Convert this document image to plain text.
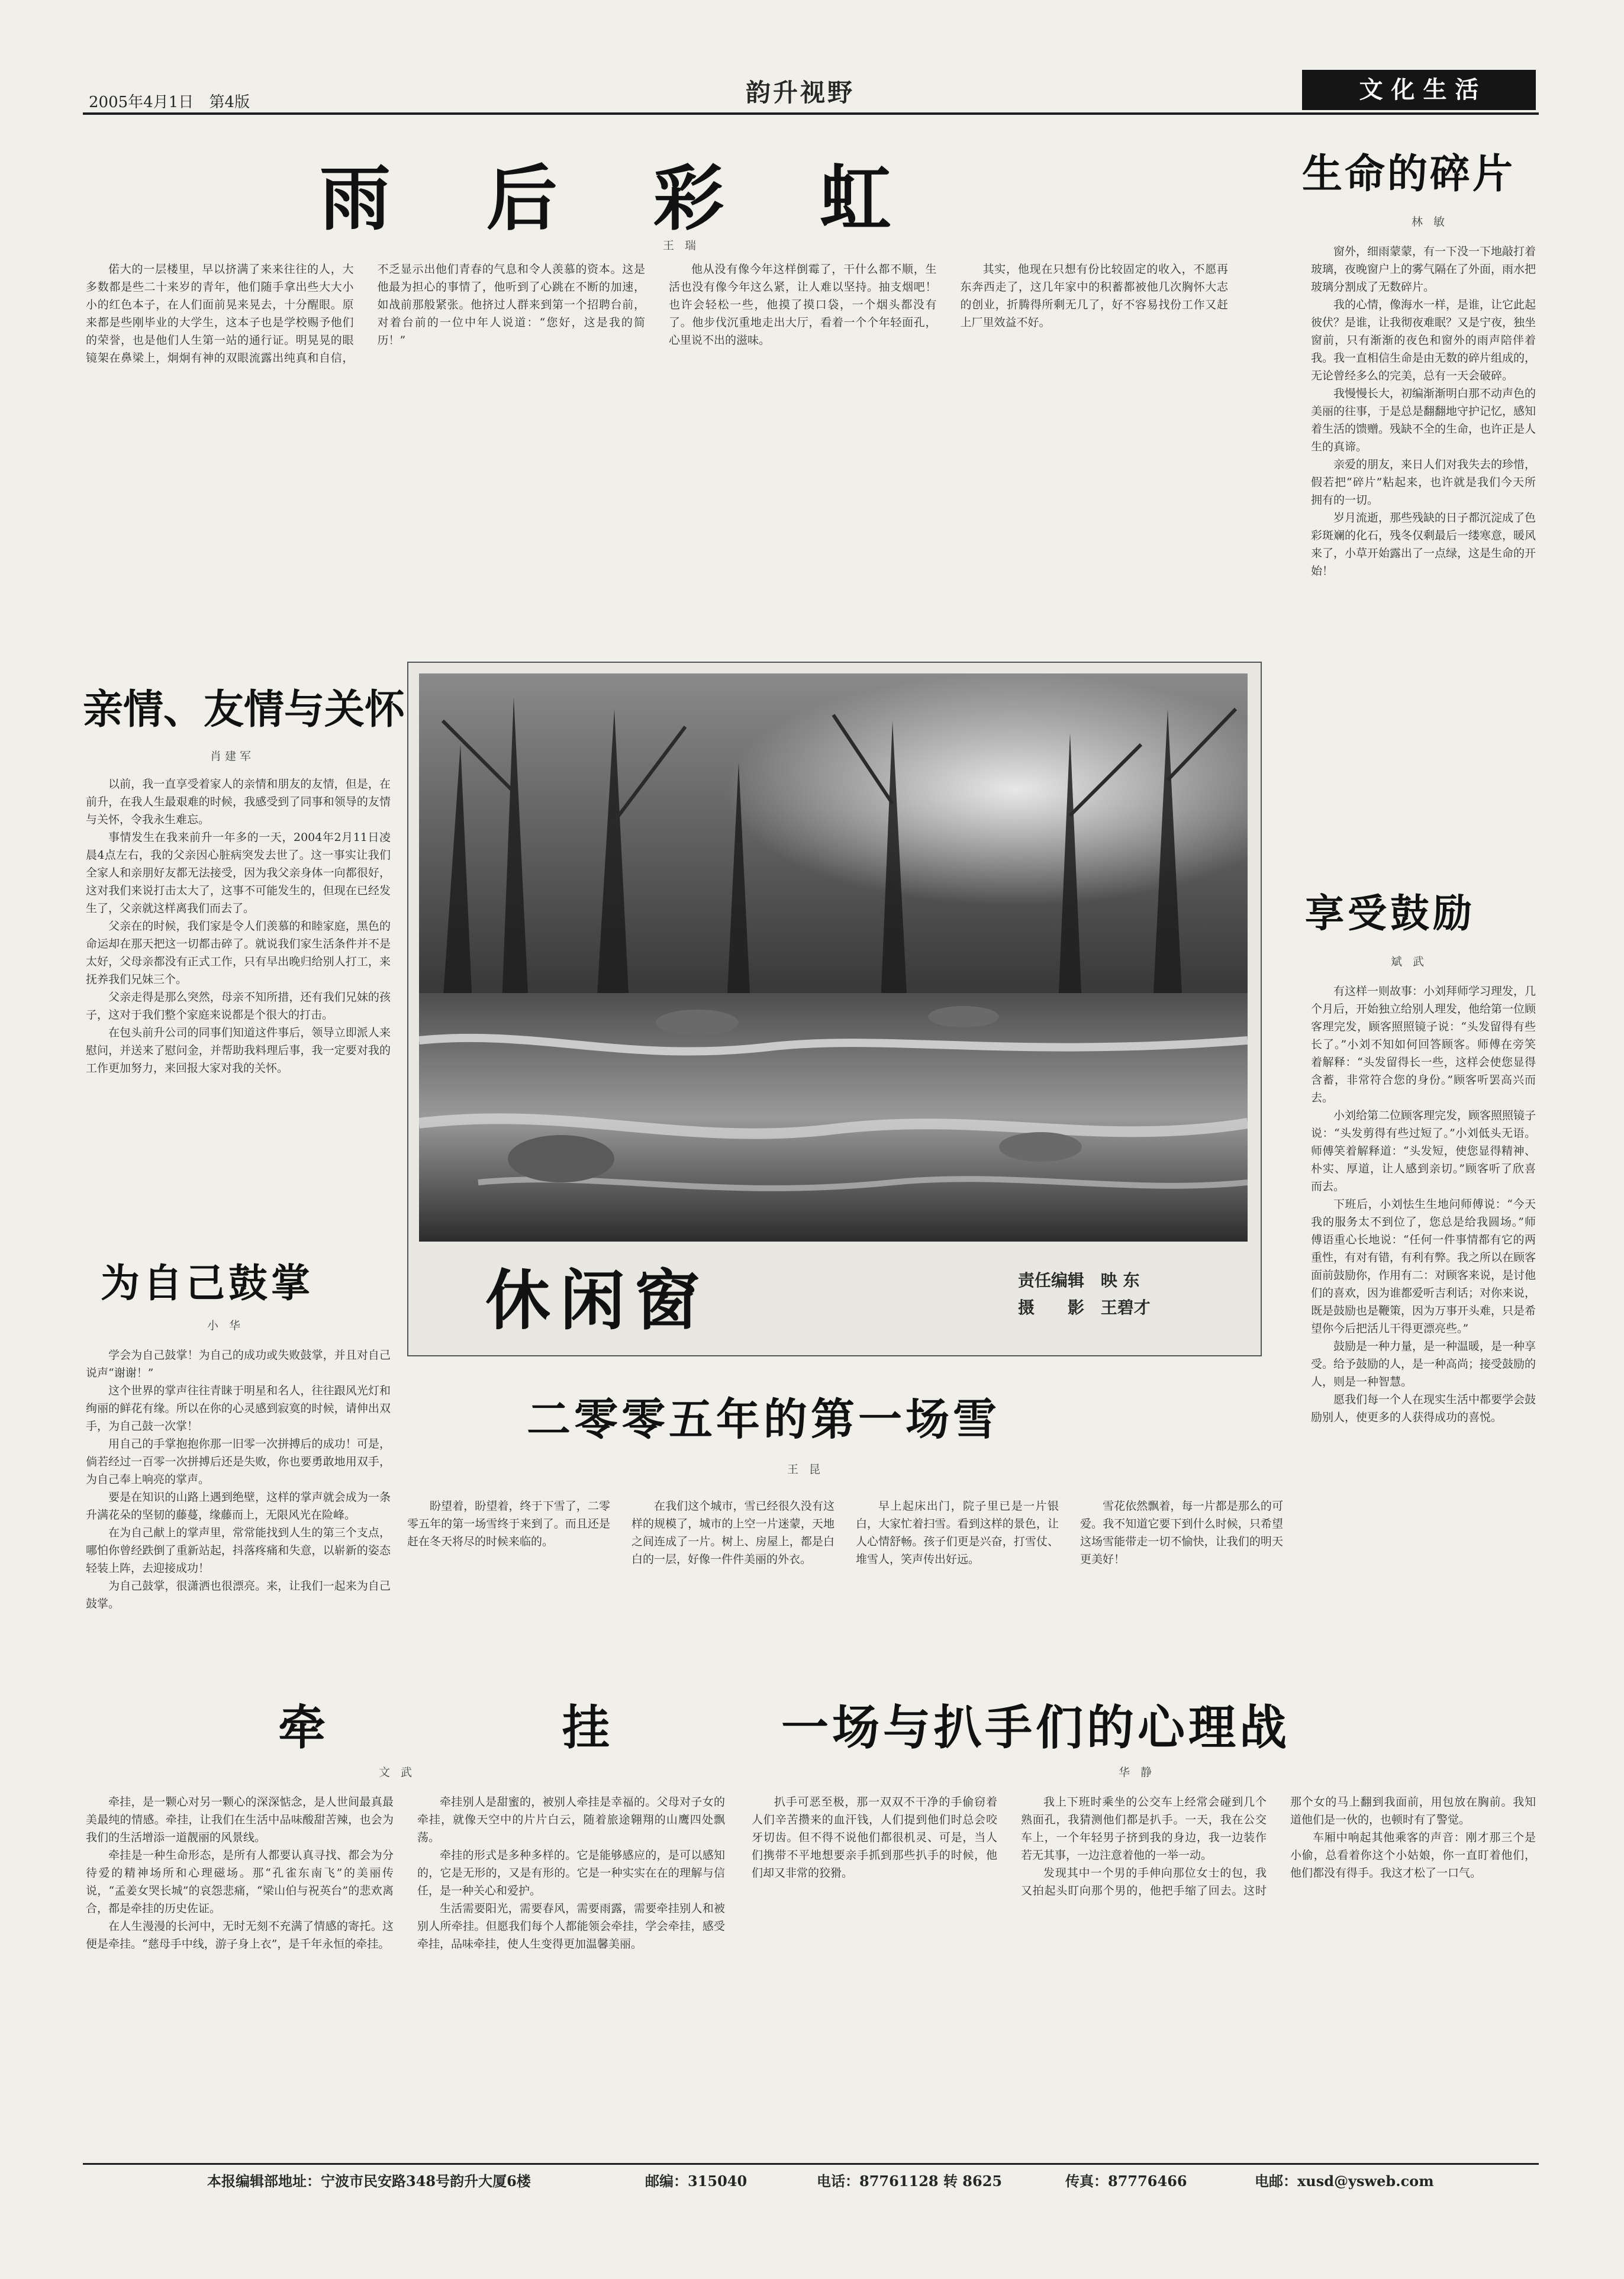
2005年4月1日 第4版	韵升视野	文 化 生 活
雨 后 彩 虹
王 瑞

偌大的一层楼里，早以挤满了来来往往的人，大多数都是些二十来岁的青年，他们随手拿出些大大小小的红色本子，在人们面前晃来晃去，十分醒眼。原来都是些刚毕业的大学生，这本子也是学校赐予他们的荣誉，也是他们人生第一站的通行证。明晃晃的眼镜架在鼻梁上，炯炯有神的双眼流露出纯真和自信，不乏显示出他们青春的气息和令人羡慕的资本。这是他最为担心的事情了，他听到了心跳在不断的加速，如战前那般紧张。他挤过人群来到第一个招聘台前，对着台前的一位中年人说道：“您好，这是我的简历！”

他从没有像今年这样倒霉了，干什么都不顺，生活也没有像今年这么紧，让人难以坚持。抽支烟吧！也许会轻松一些，他摸了摸口袋，一个烟头都没有了。他步伐沉重地走出大厅，看着一个个年轻面孔，心里说不出的滋味。

其实，他现在只想有份比较固定的收入，不愿再东奔西走了，这几年家中的积蓄都被他几次胸怀大志的创业，折腾得所剩无几了，好不容易找份工作又赶上厂里效益不好。

生命的碎片
林 敏

窗外，细雨蒙蒙，有一下没一下地敲打着玻璃，夜晚窗户上的雾气隔在了外面，雨水把玻璃分割成了无数碎片。

我的心情，像海水一样，是谁，让它此起彼伏？是谁，让我彻夜难眠？又是宁夜，独坐窗前，只有渐渐的夜色和窗外的雨声陪伴着我。我一直相信生命是由无数的碎片组成的，无论曾经多么的完美，总有一天会破碎。

我慢慢长大，初编渐渐明白那不动声色的美丽的往事，于是总是翻翻地守护记忆，感知着生活的馈赠。残缺不全的生命，也许正是人生的真谛。

亲爱的朋友，来日人们对我失去的珍惜，假若把“碎片”粘起来，也许就是我们今天所拥有的一切。

岁月流逝，那些残缺的日子都沉淀成了色彩斑斓的化石，残冬仅剩最后一缕寒意，暖风来了，小草开始露出了一点绿，这是生命的开始！

亲情、友情与关怀
肖建军

以前，我一直享受着家人的亲情和朋友的友情，但是，在前升，在我人生最艰难的时候，我感受到了同事和领导的友情与关怀，令我永生难忘。

事情发生在我来前升一年多的一天，2004年2月11日凌晨4点左右，我的父亲因心脏病突发去世了。这一事实让我们全家人和亲朋好友都无法接受，因为我父亲身体一向都很好，这对我们来说打击太大了，这事不可能发生的，但现在已经发生了，父亲就这样离我们而去了。

父亲在的时候，我们家是令人们羡慕的和睦家庭，黑色的命运却在那天把这一切都击碎了。就说我们家生活条件并不是太好，父母亲都没有正式工作，只有早出晚归给别人打工，来抚养我们兄妹三个。

父亲走得是那么突然，母亲不知所措，还有我们兄妹的孩子，这对于我们整个家庭来说都是个很大的打击。

在包头前升公司的同事们知道这件事后，领导立即派人来慰问，并送来了慰问金，并帮助我料理后事，我一定要对我的工作更加努力，来回报大家对我的关怀。

休闲窗	责任编辑 映 东
摄　　影 王碧才
享受鼓励
斌 武

有这样一则故事：小刘拜师学习理发，几个月后，开始独立给别人理发，他给第一位顾客理完发，顾客照照镜子说：“头发留得有些长了。”小刘不知如何回答顾客。师傅在旁笑着解释：“头发留得长一些，这样会使您显得含蓄，非常符合您的身份。”顾客听罢高兴而去。

小刘给第二位顾客理完发，顾客照照镜子说：“头发剪得有些过短了。”小刘低头无语。师傅笑着解释道：“头发短，使您显得精神、朴实、厚道，让人感到亲切。”顾客听了欣喜而去。

下班后，小刘怯生生地问师傅说：“今天我的服务太不到位了，您总是给我圆场。”师傅语重心长地说：“任何一件事情都有它的两重性，有对有错，有利有弊。我之所以在顾客面前鼓励你，作用有二：对顾客来说，是讨他们的喜欢，因为谁都爱听吉利话；对你来说，既是鼓励也是鞭策，因为万事开头难，只是希望你今后把活儿干得更漂亮些。”

鼓励是一种力量，是一种温暖，是一种享受。给予鼓励的人，是一种高尚；接受鼓励的人，则是一种智慧。

愿我们每一个人在现实生活中都要学会鼓励别人，使更多的人获得成功的喜悦。

为自己鼓掌
小 华

学会为自己鼓掌！为自己的成功或失败鼓掌，并且对自己说声“谢谢！”

这个世界的掌声往往青睐于明星和名人，往往跟风光灯和绚丽的鲜花有缘。所以在你的心灵感到寂寞的时候，请伸出双手，为自己鼓一次掌！

用自己的手掌抱抱你那一旧零一次拼搏后的成功！可是，倘若经过一百零一次拼搏后还是失败，你也要勇敢地用双手，为自己奉上响亮的掌声。

要是在知识的山路上遇到绝壁，这样的掌声就会成为一条升满花朵的坚韧的藤蔓，缘藤而上，无限风光在险峰。

在为自己献上的掌声里，常常能找到人生的第三个支点，哪怕你曾经跌倒了重新站起，抖落疼痛和失意，以崭新的姿态轻装上阵，去迎接成功！

为自己鼓掌，很潇洒也很漂亮。来，让我们一起来为自己鼓掌。

二零零五年的第一场雪
王 昆

盼望着，盼望着，终于下雪了，二零零五年的第一场雪终于来到了。而且还是赶在冬天将尽的时候来临的。

在我们这个城市，雪已经很久没有这样的规模了，城市的上空一片迷蒙，天地之间连成了一片。树上、房屋上，都是白白的一层，好像一件件美丽的外衣。

早上起床出门，院子里已是一片银白，大家忙着扫雪。看到这样的景色，让人心情舒畅。孩子们更是兴奋，打雪仗、堆雪人，笑声传出好远。

雪花依然飘着，每一片都是那么的可爱。我不知道它要下到什么时候，只希望这场雪能带走一切不愉快，让我们的明天更美好！

牵　　挂
文 武

牵挂，是一颗心对另一颗心的深深惦念，是人世间最真最美最纯的情感。牵挂，让我们在生活中品味酸甜苦辣，也会为我们的生活增添一道靓丽的风景线。

牵挂是一种生命形态，是所有人都要认真寻找、都会为分待爱的精神场所和心理磁场。那“孔雀东南飞”的美丽传说，“孟姜女哭长城”的哀怨悲痛，“梁山伯与祝英台”的悲欢离合，都是牵挂的历史佐证。

在人生漫漫的长河中，无时无刻不充满了情感的寄托。这便是牵挂。“慈母手中线，游子身上衣”，是千年永恒的牵挂。

牵挂别人是甜蜜的，被别人牵挂是幸福的。父母对子女的牵挂，就像天空中的片片白云，随着旅途翱翔的山鹰四处飘荡。

牵挂的形式是多种多样的。它是能够感应的，是可以感知的，它是无形的，又是有形的。它是一种实实在在的理解与信任，是一种关心和爱护。

生活需要阳光，需要春风，需要雨露，需要牵挂别人和被别人所牵挂。但愿我们每个人都能领会牵挂，学会牵挂，感受牵挂，品味牵挂，使人生变得更加温馨美丽。

一场与扒手们的心理战
华 静

扒手可恶至极，那一双双不干净的手偷窃着人们辛苦攒来的血汗钱，人们提到他们时总会咬牙切齿。但不得不说他们都很机灵、可是，当人们携带不平地想要亲手抓到那些扒手的时候，他们却又非常的狡猾。

我上下班时乘坐的公交车上经常会碰到几个熟面孔，我猜测他们都是扒手。一天，我在公交车上，一个年轻男子挤到我的身边，我一边装作若无其事，一边注意着他的一举一动。

发现其中一个男的手伸向那位女士的包，我又拍起头盯向那个男的，他把手缩了回去。这时那个女的马上翻到我面前，用包放在胸前。我知道他们是一伙的，也顿时有了警觉。

车厢中响起其他乘客的声音：刚才那三个是小偷，总看着你这个小姑娘，你一直盯着他们，他们都没有得手。我这才松了一口气。

本报编辑部地址：宁波市民安路348号韵升大厦6楼	邮编：315040	电话：87761128 转 8625	传真：87776466	电邮：xusd@ysweb.com
